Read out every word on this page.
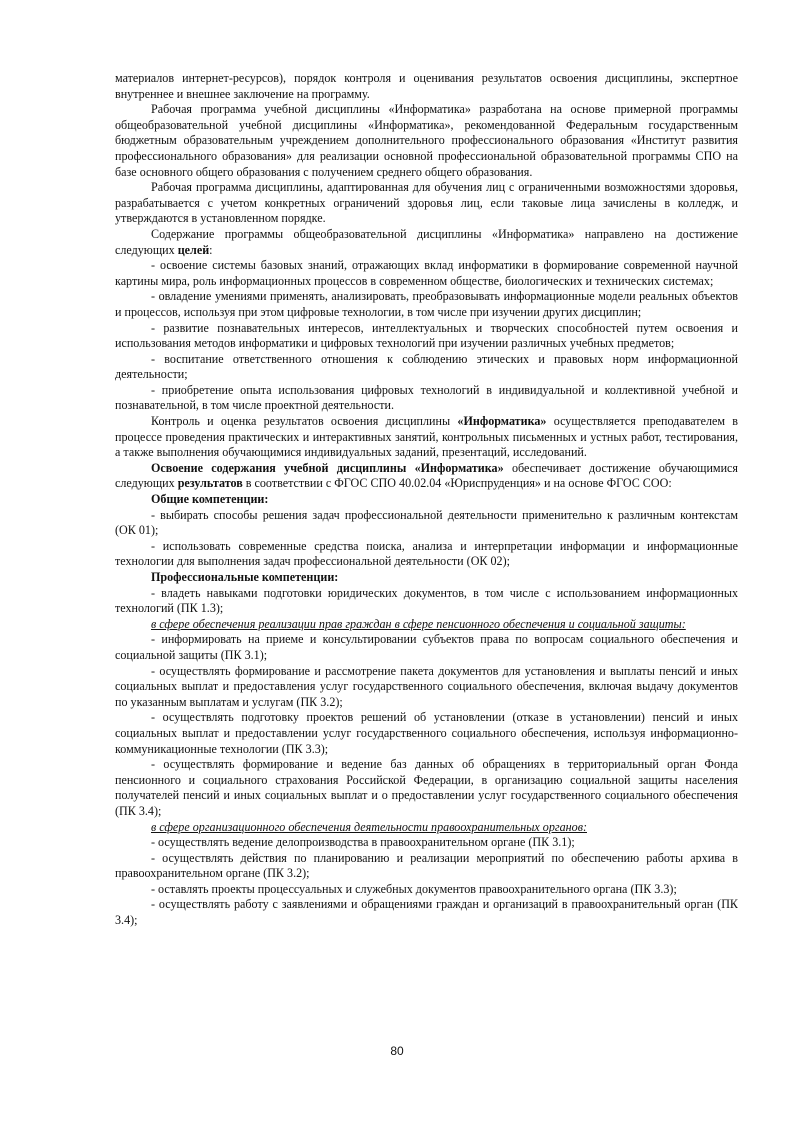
материалов интернет-ресурсов), порядок контроля и оценивания результатов освоения дисциплины, экспертное внутреннее и внешнее заключение на программу.

Рабочая программа учебной дисциплины «Информатика» разработана на основе примерной программы общеобразовательной учебной дисциплины «Информатика», рекомендованной Федеральным государственным бюджетным образовательным учреждением дополнительного профессионального образования «Институт развития профессионального образования» для реализации основной профессиональной образовательной программы СПО на базе основного общего образования с получением среднего общего образования.

Рабочая программа дисциплины, адаптированная для обучения лиц с ограниченными возможностями здоровья, разрабатывается с учетом конкретных ограничений здоровья лиц, если таковые лица зачислены в колледж, и утверждаются в установленном порядке.

Содержание программы общеобразовательной дисциплины «Информатика» направлено на достижение следующих целей:

- освоение системы базовых знаний, отражающих вклад информатики в формирование современной научной картины мира, роль информационных процессов в современном обществе, биологических и технических системах;

- овладение умениями применять, анализировать, преобразовывать информационные модели реальных объектов и процессов, используя при этом цифровые технологии, в том числе при изучении других дисциплин;

- развитие познавательных интересов, интеллектуальных и творческих способностей путем освоения и использования методов информатики и цифровых технологий при изучении различных учебных предметов;

- воспитание ответственного отношения к соблюдению этических и правовых норм информационной деятельности;

- приобретение опыта использования цифровых технологий в индивидуальной и коллективной учебной и познавательной, в том числе проектной деятельности.

Контроль и оценка результатов освоения дисциплины «Информатика» осуществляется преподавателем в процессе проведения практических и интерактивных занятий, контрольных письменных и устных работ, тестирования, а также выполнения обучающимися индивидуальных заданий, презентаций, исследований.

Освоение содержания учебной дисциплины «Информатика» обеспечивает достижение обучающимися следующих результатов в соответствии с ФГОС СПО 40.02.04 «Юриспруденция» и на основе ФГОС СОО:

Общие компетенции:

- выбирать способы решения задач профессиональной деятельности применительно к различным контекстам (ОК 01);

- использовать современные средства поиска, анализа и интерпретации информации и информационные технологии для выполнения задач профессиональной деятельности (ОК 02);

Профессиональные компетенции:

- владеть навыками подготовки юридических документов, в том числе с использованием информационных технологий (ПК 1.3);

в сфере обеспечения реализации прав граждан в сфере пенсионного обеспечения и социальной защиты:

- информировать на приеме и консультировании субъектов права по вопросам социального обеспечения и социальной защиты (ПК 3.1);

- осуществлять формирование и рассмотрение пакета документов для установления и выплаты пенсий и иных социальных выплат и предоставления услуг государственного социального обеспечения, включая выдачу документов по указанным выплатам и услугам (ПК 3.2);

- осуществлять подготовку проектов решений об установлении (отказе в установлении) пенсий и иных социальных выплат и предоставлении услуг государственного социального обеспечения, используя информационно-коммуникационные технологии (ПК 3.3);

- осуществлять формирование и ведение баз данных об обращениях в территориальный орган Фонда пенсионного и социального страхования Российской Федерации, в организацию социальной защиты населения получателей пенсий и иных социальных выплат и о предоставлении услуг государственного социального обеспечения (ПК 3.4);

в сфере организационного обеспечения деятельности правоохранительных органов:

- осуществлять ведение делопроизводства в правоохранительном органе (ПК 3.1);

- осуществлять действия по планированию и реализации мероприятий по обеспечению работы архива в правоохранительном органе (ПК 3.2);

- оставлять проекты процессуальных и служебных документов правоохранительного органа (ПК 3.3);

- осуществлять работу с заявлениями и обращениями граждан и организаций в правоохранительный орган (ПК 3.4);

80
